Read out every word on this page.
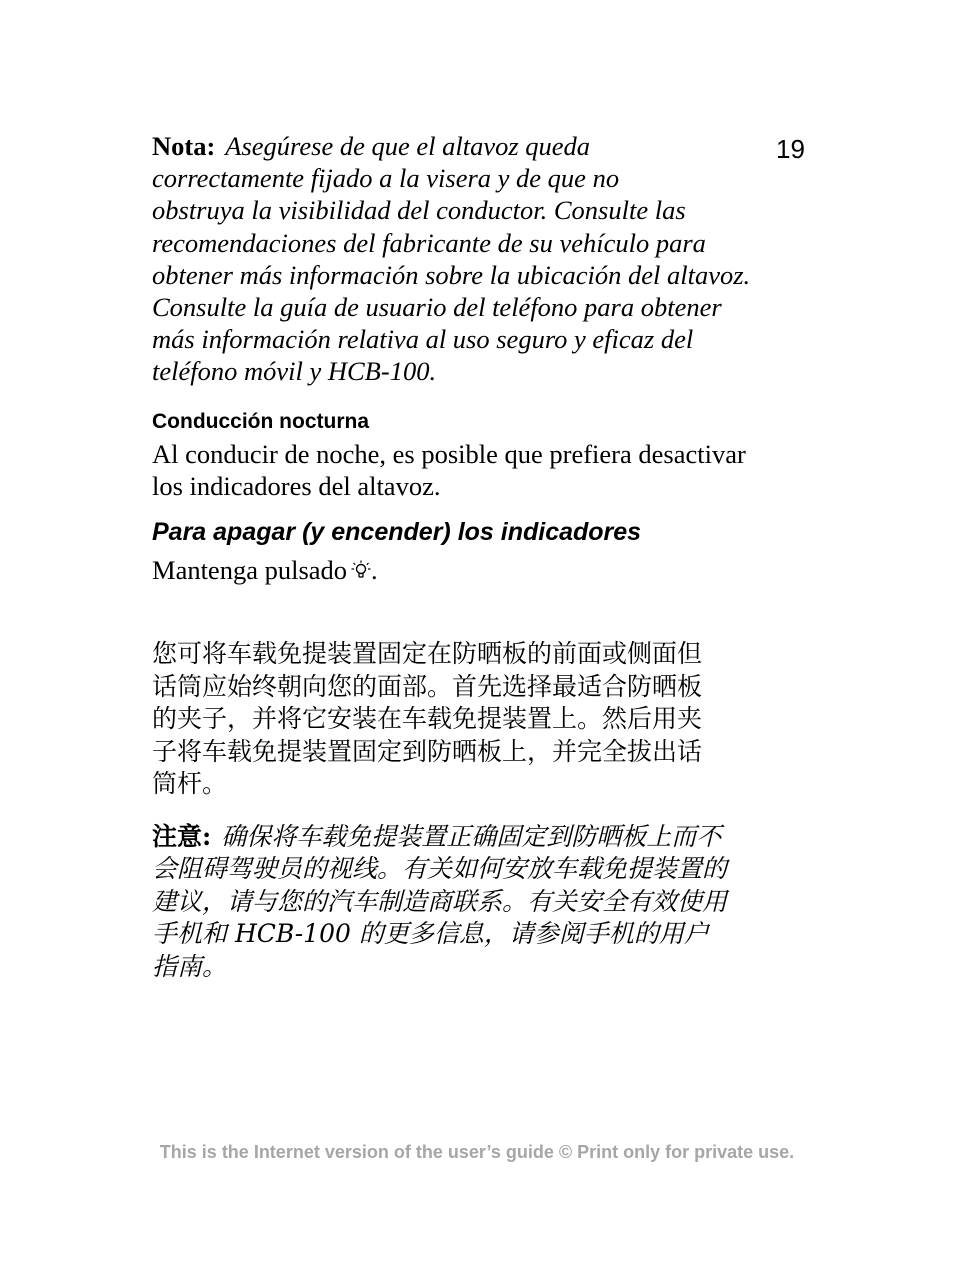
19

Nota: Asegúrese de que el altavoz queda
correctamente fijado a la visera y de que no
obstruya la visibilidad del conductor. Consulte las
recomendaciones del fabricante de su vehículo para
obtener más información sobre la ubicación del altavoz.
Consulte la guía de usuario del teléfono para obtener
más información relativa al uso seguro y eficaz del
teléfono móvil y HCB-100.

Conducción nocturna

Al conducir de noche, es posible que prefiera desactivar
los indicadores del altavoz.

Para apagar (y encender) los indicadores

Mantenga pulsado .

您可将车载免提装置固定在防晒板的前面或侧面但
话筒应始终朝向您的面部。首先选择最适合防晒板
的夹子，并将它安装在车载免提装置上。然后用夹
子将车载免提装置固定到防晒板上，并完全拔出话
筒杆。

注意: 确保将车载免提装置正确固定到防晒板上而不
会阻碍驾驶员的视线。有关如何安放车载免提装置的
建议，请与您的汽车制造商联系。有关安全有效使用
手机和 HCB-100 的更多信息，请参阅手机的用户
指南。

This is the Internet version of the user’s guide © Print only for private use.
